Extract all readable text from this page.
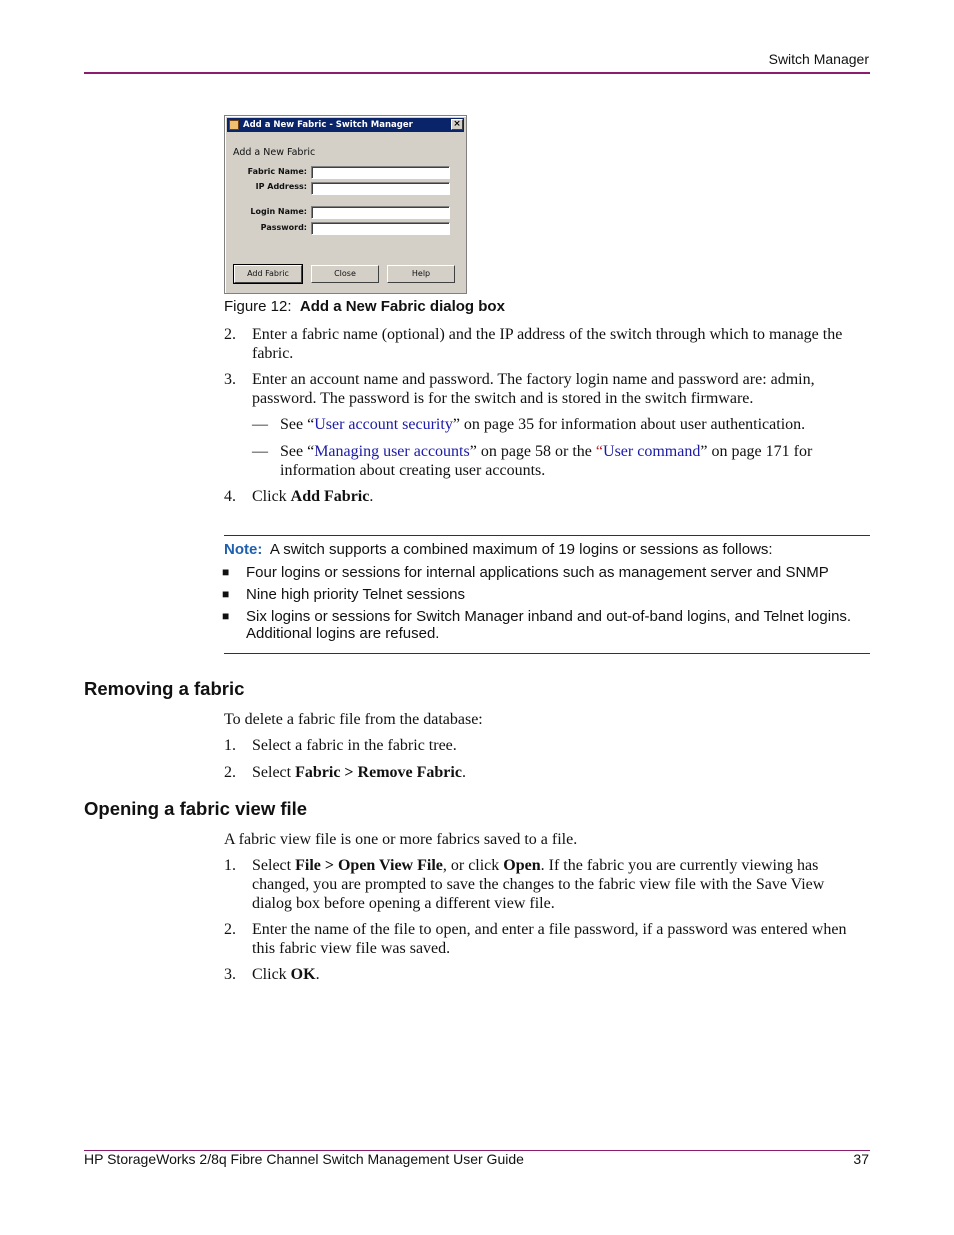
Switch Manager
Add a New Fabric - Switch Manager	×
Add a New Fabric
Fabric Name:
IP Address:
Login Name:
Password:
Add Fabric	Close	Help
Figure 12: Add a New Fabric dialog box
2. Enter a fabric name (optional) and the IP address of the switch through which to manage the fabric.
3. Enter an account name and password. The factory login name and password are: admin, password. The password is for the switch and is stored in the switch firmware.
— See “User account security” on page 35 for information about user authentication.
— See “Managing user accounts” on page 58 or the “User command” on page 171 for information about creating user accounts.
4. Click Add Fabric.
Note: A switch supports a combined maximum of 19 logins or sessions as follows:
■ Four logins or sessions for internal applications such as management server and SNMP
■ Nine high priority Telnet sessions
■ Six logins or sessions for Switch Manager inband and out-of-band logins, and Telnet logins. Additional logins are refused.
Removing a fabric
To delete a fabric file from the database:
1. Select a fabric in the fabric tree.
2. Select Fabric > Remove Fabric.
Opening a fabric view file
A fabric view file is one or more fabrics saved to a file.
1. Select File > Open View File, or click Open. If the fabric you are currently viewing has changed, you are prompted to save the changes to the fabric view file with the Save View dialog box before opening a different view file.
2. Enter the name of the file to open, and enter a file password, if a password was entered when this fabric view file was saved.
3. Click OK.
HP StorageWorks 2/8q Fibre Channel Switch Management User Guide	37
